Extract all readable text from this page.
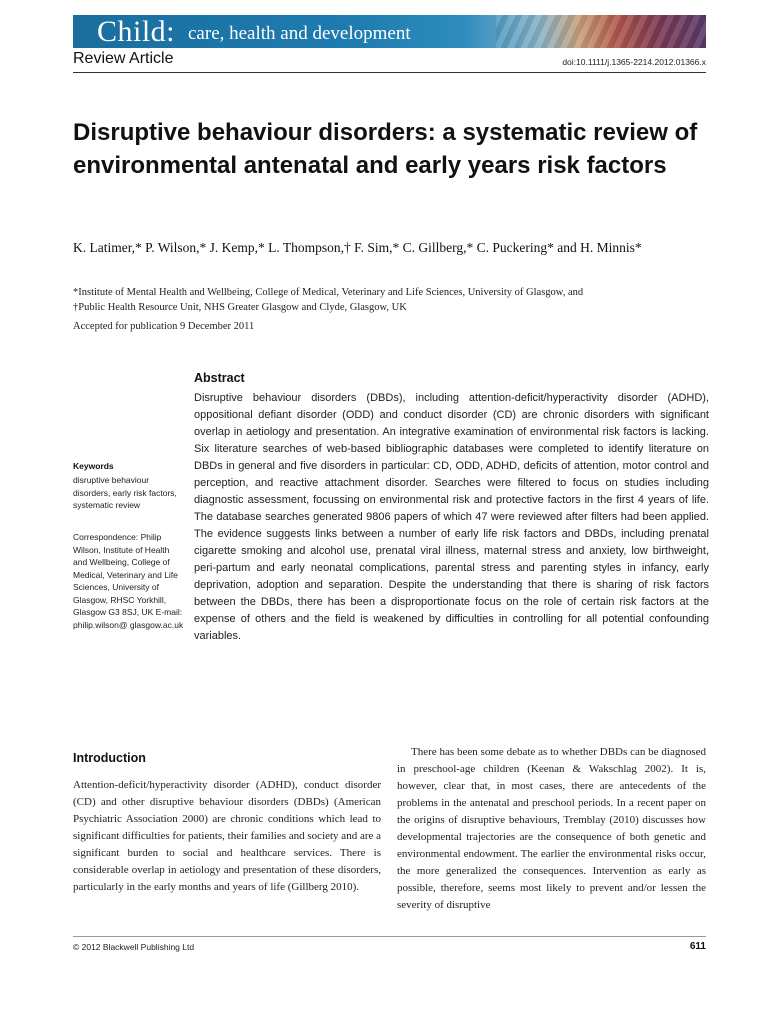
Child: care, health and development
Review Article	doi:10.1111/j.1365-2214.2012.01366.x
Disruptive behaviour disorders: a systematic review of environmental antenatal and early years risk factors
K. Latimer,* P. Wilson,* J. Kemp,* L. Thompson,† F. Sim,* C. Gillberg,* C. Puckering* and H. Minnis*
*Institute of Mental Health and Wellbeing, College of Medical, Veterinary and Life Sciences, University of Glasgow, and
†Public Health Resource Unit, NHS Greater Glasgow and Clyde, Glasgow, UK
Accepted for publication 9 December 2011
Keywords
disruptive behaviour disorders, early risk factors, systematic review
Correspondence: Philip Wilson, Institute of Health and Wellbeing, College of Medical, Veterinary and Life Sciences, University of Glasgow, RHSC Yorkhill, Glasgow G3 8SJ, UK E-mail: philip.wilson@ glasgow.ac.uk
Abstract
Disruptive behaviour disorders (DBDs), including attention-deficit/hyperactivity disorder (ADHD), oppositional defiant disorder (ODD) and conduct disorder (CD) are chronic disorders with significant overlap in aetiology and presentation. An integrative examination of environmental risk factors is lacking. Six literature searches of web-based bibliographic databases were completed to identify literature on DBDs in general and five disorders in particular: CD, ODD, ADHD, deficits of attention, motor control and perception, and reactive attachment disorder. Searches were filtered to focus on studies including diagnostic assessment, focussing on environmental risk and protective factors in the first 4 years of life. The database searches generated 9806 papers of which 47 were reviewed after filters had been applied. The evidence suggests links between a number of early life risk factors and DBDs, including prenatal cigarette smoking and alcohol use, prenatal viral illness, maternal stress and anxiety, low birthweight, peri-partum and early neonatal complications, parental stress and parenting styles in infancy, early deprivation, adoption and separation. Despite the understanding that there is sharing of risk factors between the DBDs, there has been a disproportionate focus on the role of certain risk factors at the expense of others and the field is weakened by difficulties in controlling for all potential confounding variables.
Introduction
Attention-deficit/hyperactivity disorder (ADHD), conduct disorder (CD) and other disruptive behaviour disorders (DBDs) (American Psychiatric Association 2000) are chronic conditions which lead to significant difficulties for patients, their families and society and are a significant burden to social and healthcare services. There is considerable overlap in aetiology and presentation of these disorders, particularly in the early months and years of life (Gillberg 2010).
There has been some debate as to whether DBDs can be diagnosed in preschool-age children (Keenan & Wakschlag 2002). It is, however, clear that, in most cases, there are antecedents of the problems in the antenatal and preschool periods. In a recent paper on the origins of disruptive behaviours, Tremblay (2010) discusses how developmental trajectories are the consequence of both genetic and environmental endowment. The earlier the environmental risks occur, the more generalized the consequences. Intervention as early as possible, therefore, seems most likely to prevent and/or lessen the severity of disruptive
© 2012 Blackwell Publishing Ltd	611
